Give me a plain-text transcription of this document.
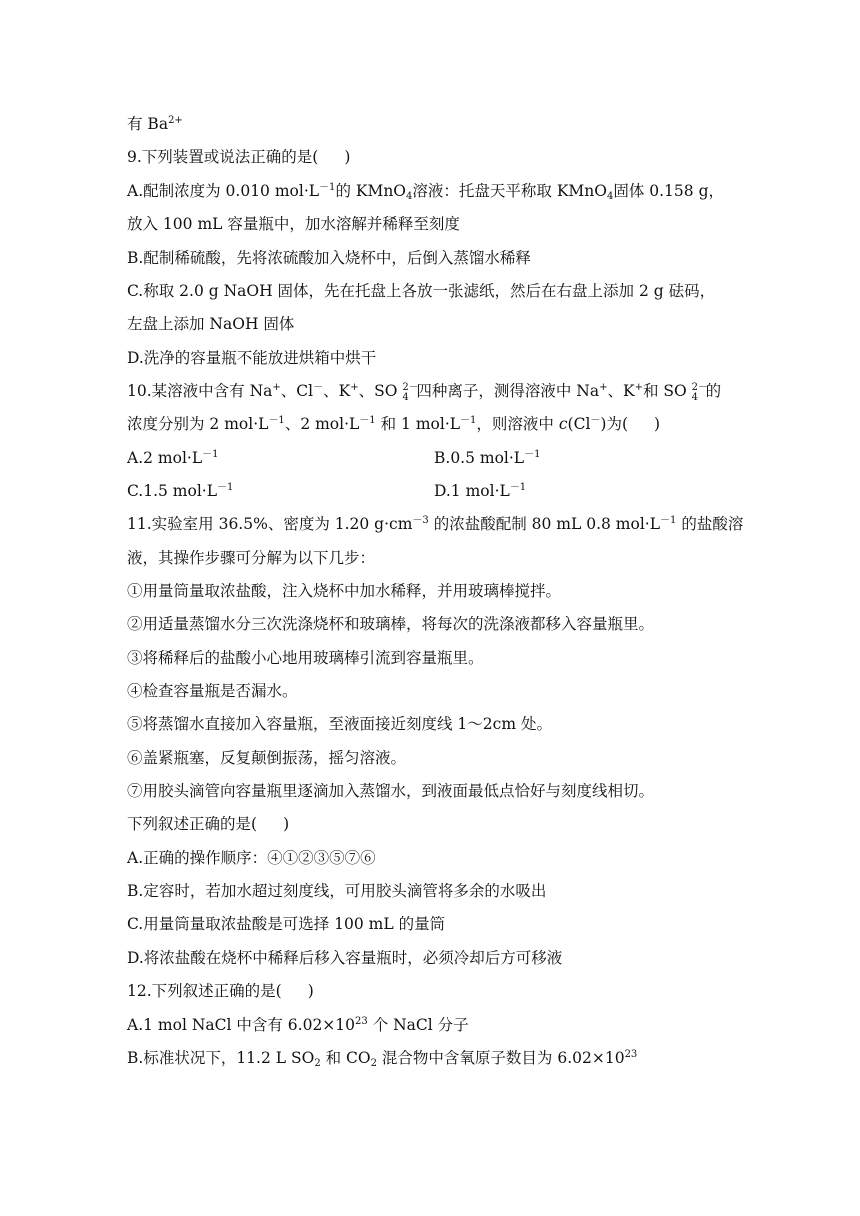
有 $Ba^{2+}$
9.下列装置或说法正确的是( )
A.配制浓度为 0.010 $mol\cdot L^{-1}$的 KMnO$_4$溶液：托盘天平称取 KMnO$_4$固体 0.158 g，
放入 100 mL 容量瓶中，加水溶解并稀释至刻度
B.配制稀硫酸，先将浓硫酸加入烧杯中，后倒入蒸馏水稀释
C.称取 2.0 g NaOH 固体，先在托盘上各放一张滤纸，然后在右盘上添加 2 g 砝码，
左盘上添加 NaOH 固体
D.洗净的容量瓶不能放进烘箱中烘干
10.某溶液中含有 Na+、Cl－、K+、SO 2－
4 四种离子，测得溶液中 Na+、K+和 SO 2－
4 的
浓度分别为 2 $mol\cdot L^{-1}$、2 $mol\cdot L^{-1}$ 和 1 $mol\cdot L^{-1}$，则溶液中 c(Cl－)为( )
A.2 $mol\cdot L^{-1}$	B.0.5 $mol\cdot L^{-1}$
C.1.5 $mol\cdot L^{-1}$	D.1 $mol\cdot L^{-1}$
11.实验室用 36.5%、密度为 1.20 $g\cdot cm^{-3}$ 的浓盐酸配制 80 mL 0.8 $mol\cdot L^{-1}$ 的盐酸溶
液，其操作步骤可分解为以下几步：
①用量筒量取浓盐酸，注入烧杯中加水稀释，并用玻璃棒搅拌。
②用适量蒸馏水分三次洗涤烧杯和玻璃棒，将每次的洗涤液都移入容量瓶里。
③将稀释后的盐酸小心地用玻璃棒引流到容量瓶里。
④检查容量瓶是否漏水。
⑤将蒸馏水直接加入容量瓶，至液面接近刻度线 1～2cm 处。
⑥盖紧瓶塞，反复颠倒振荡，摇匀溶液。
⑦用胶头滴管向容量瓶里逐滴加入蒸馏水，到液面最低点恰好与刻度线相切。
下列叙述正确的是( )
A.正确的操作顺序：④①②③⑤⑦⑥
B.定容时，若加水超过刻度线，可用胶头滴管将多余的水吸出
C.用量筒量取浓盐酸是可选择 100 mL 的量筒
D.将浓盐酸在烧杯中稀释后移入容量瓶时，必须冷却后方可移液
12.下列叙述正确的是( )
A.1 mol NaCl 中含有 $6.02\times 10^{23}$ 个 NaCl 分子
B.标准状况下，11.2 L $SO_2$ 和 $CO_2$ 混合物中含氧原子数目为 $6.02\times 10^{23}$
